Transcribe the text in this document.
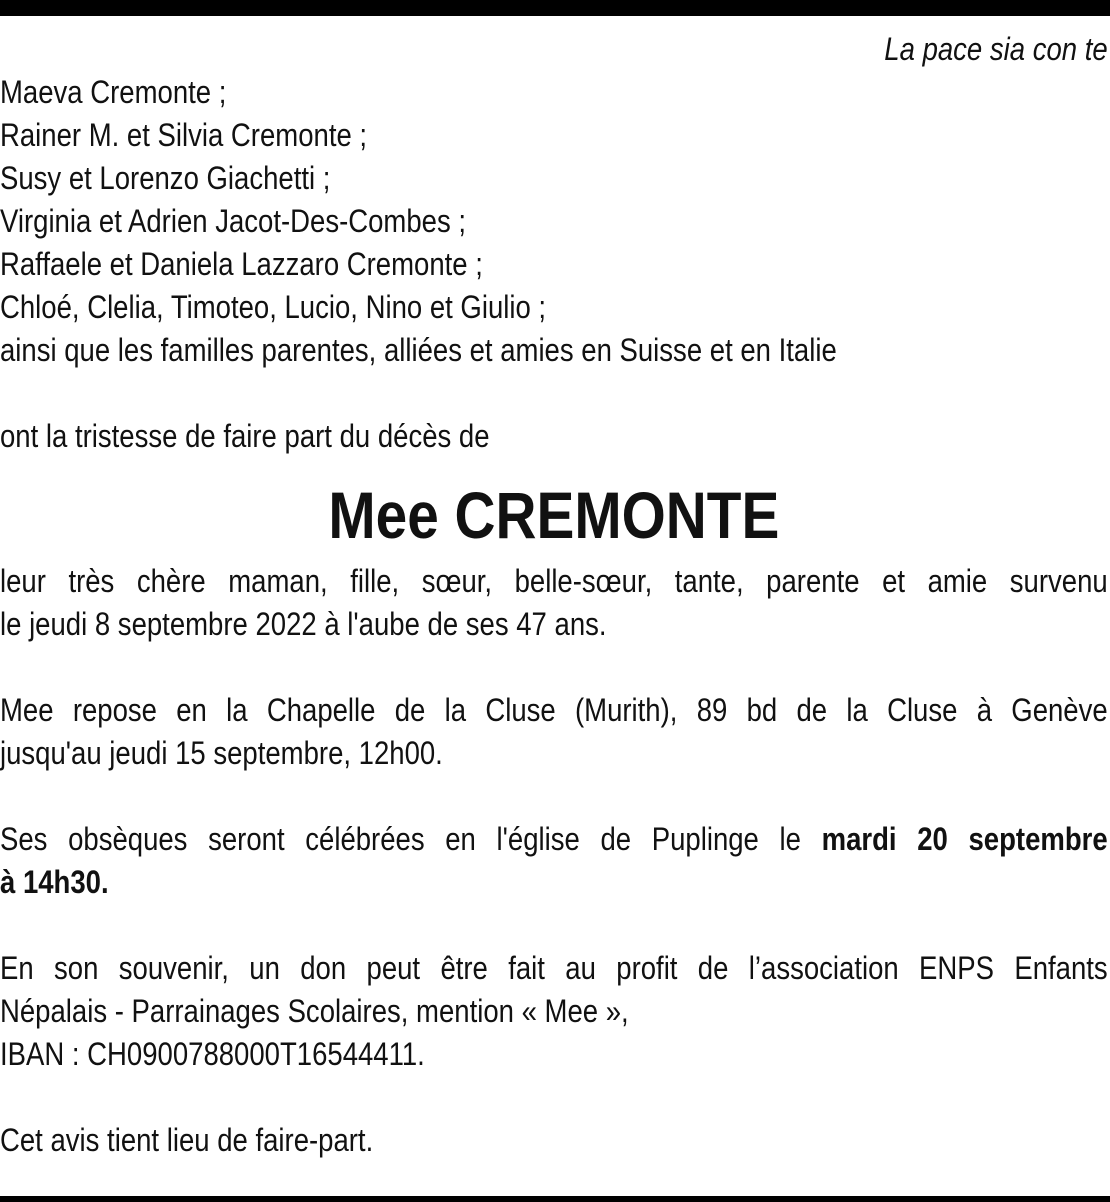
La pace sia con te

Maeva Cremonte ;

Rainer M. et Silvia Cremonte ;

Susy et Lorenzo Giachetti ;

Virginia et Adrien Jacot-Des-Combes ;

Raffaele et Daniela Lazzaro Cremonte ;

Chloé, Clelia, Timoteo, Lucio, Nino et Giulio ;

ainsi que les familles parentes, alliées et amies en Suisse et en Italie

ont la tristesse de faire part du décès de

Mee CREMONTE

leur très chère maman, fille, sœur, belle-sœur, tante, parente et amie survenu
le jeudi 8 septembre 2022 à l'aube de ses 47 ans.
Mee repose en la Chapelle de la Cluse (Murith), 89 bd de la Cluse à Genève
jusqu'au jeudi 15 septembre, 12h00.
Ses obsèques seront célébrées en l'église de Puplinge le mardi 20 septembre
à 14h30.
En son souvenir, un don peut être fait au profit de l’association ENPS Enfants
Népalais - Parrainages Scolaires, mention « Mee »,
IBAN : CH0900788000T16544411.

Cet avis tient lieu de faire-part.
